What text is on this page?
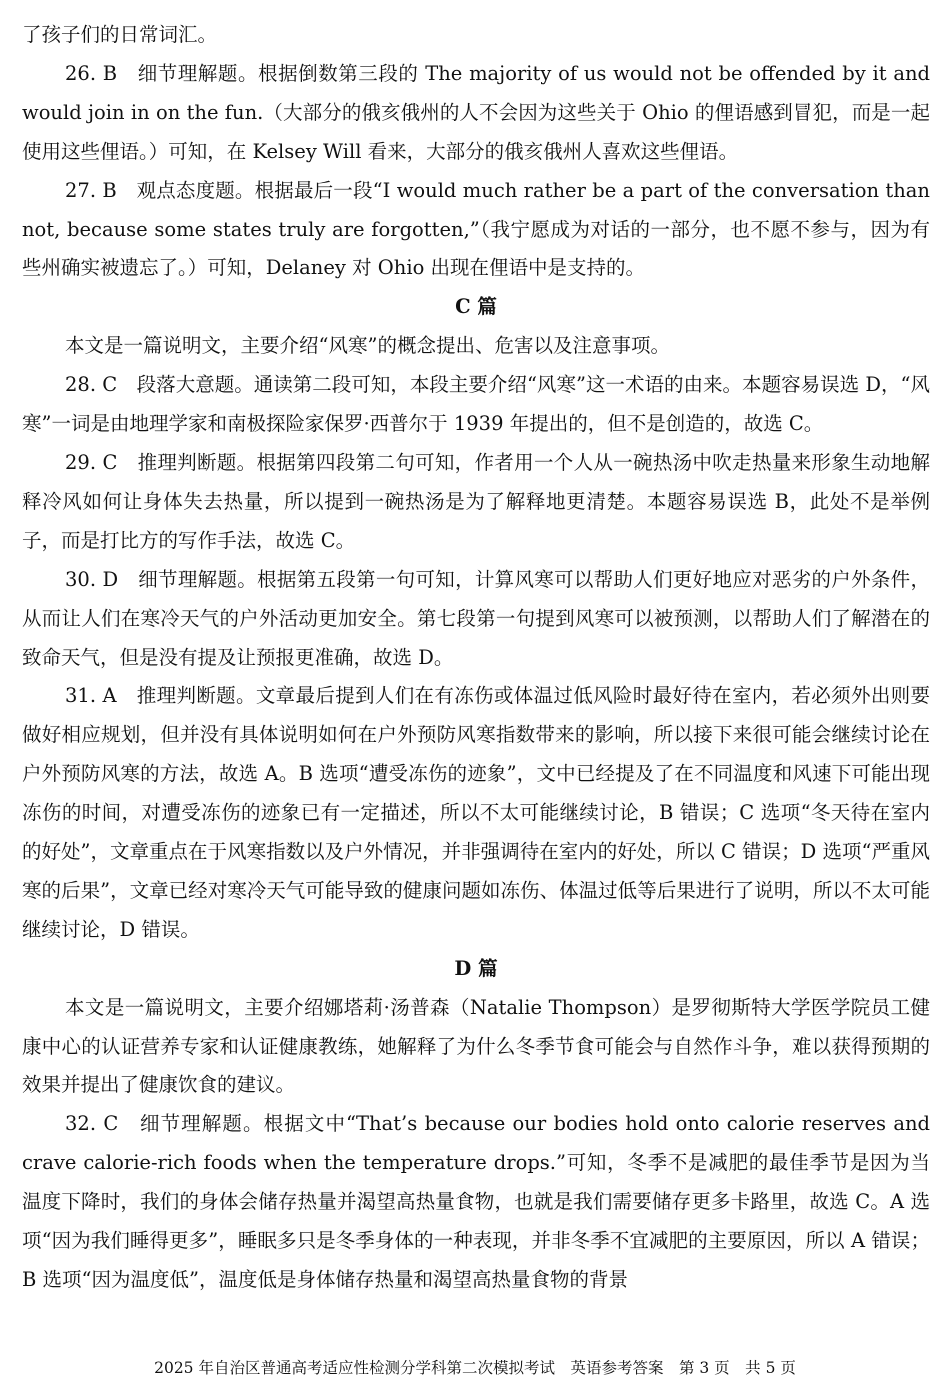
了孩子们的日常词汇。

26. B　细节理解题。根据倒数第三段的 The majority of us would not be offended by it and would join in on the fun.（大部分的俄亥俄州的人不会因为这些关于 Ohio 的俚语感到冒犯，而是一起使用这些俚语。）可知，在 Kelsey Will 看来，大部分的俄亥俄州人喜欢这些俚语。

27. B　观点态度题。根据最后一段“I would much rather be a part of the conversation than not, because some states truly are forgotten,”（我宁愿成为对话的一部分，也不愿不参与，因为有些州确实被遗忘了。）可知，Delaney 对 Ohio 出现在俚语中是支持的。

C 篇

本文是一篇说明文，主要介绍“风寒”的概念提出、危害以及注意事项。

28. C　段落大意题。通读第二段可知，本段主要介绍“风寒”这一术语的由来。本题容易误选 D，“风寒”一词是由地理学家和南极探险家保罗·西普尔于 1939 年提出的，但不是创造的，故选 C。

29. C　推理判断题。根据第四段第二句可知，作者用一个人从一碗热汤中吹走热量来形象生动地解释冷风如何让身体失去热量，所以提到一碗热汤是为了解释地更清楚。本题容易误选 B，此处不是举例子，而是打比方的写作手法，故选 C。

30. D　细节理解题。根据第五段第一句可知，计算风寒可以帮助人们更好地应对恶劣的户外条件，从而让人们在寒冷天气的户外活动更加安全。第七段第一句提到风寒可以被预测，以帮助人们了解潜在的致命天气，但是没有提及让预报更准确，故选 D。

31. A　推理判断题。文章最后提到人们在有冻伤或体温过低风险时最好待在室内，若必须外出则要做好相应规划，但并没有具体说明如何在户外预防风寒指数带来的影响，所以接下来很可能会继续讨论在户外预防风寒的方法，故选 A。B 选项“遭受冻伤的迹象”，文中已经提及了在不同温度和风速下可能出现冻伤的时间，对遭受冻伤的迹象已有一定描述，所以不太可能继续讨论，B 错误；C 选项“冬天待在室内的好处”，文章重点在于风寒指数以及户外情况，并非强调待在室内的好处，所以 C 错误；D 选项“严重风寒的后果”，文章已经对寒冷天气可能导致的健康问题如冻伤、体温过低等后果进行了说明，所以不太可能继续讨论，D 错误。

D 篇

本文是一篇说明文，主要介绍娜塔莉·汤普森（Natalie Thompson）是罗彻斯特大学医学院员工健康中心的认证营养专家和认证健康教练，她解释了为什么冬季节食可能会与自然作斗争，难以获得预期的效果并提出了健康饮食的建议。

32. C　细节理解题。根据文中“That’s because our bodies hold onto calorie reserves and crave calorie-rich foods when the temperature drops.”可知，冬季不是减肥的最佳季节是因为当温度下降时，我们的身体会储存热量并渴望高热量食物，也就是我们需要储存更多卡路里，故选 C。A 选项“因为我们睡得更多”，睡眠多只是冬季身体的一种表现，并非冬季不宜减肥的主要原因，所以 A 错误；B 选项“因为温度低”，温度低是身体储存热量和渴望高热量食物的背景

2025 年自治区普通高考适应性检测分学科第二次模拟考试　英语参考答案　第 3 页　共 5 页
